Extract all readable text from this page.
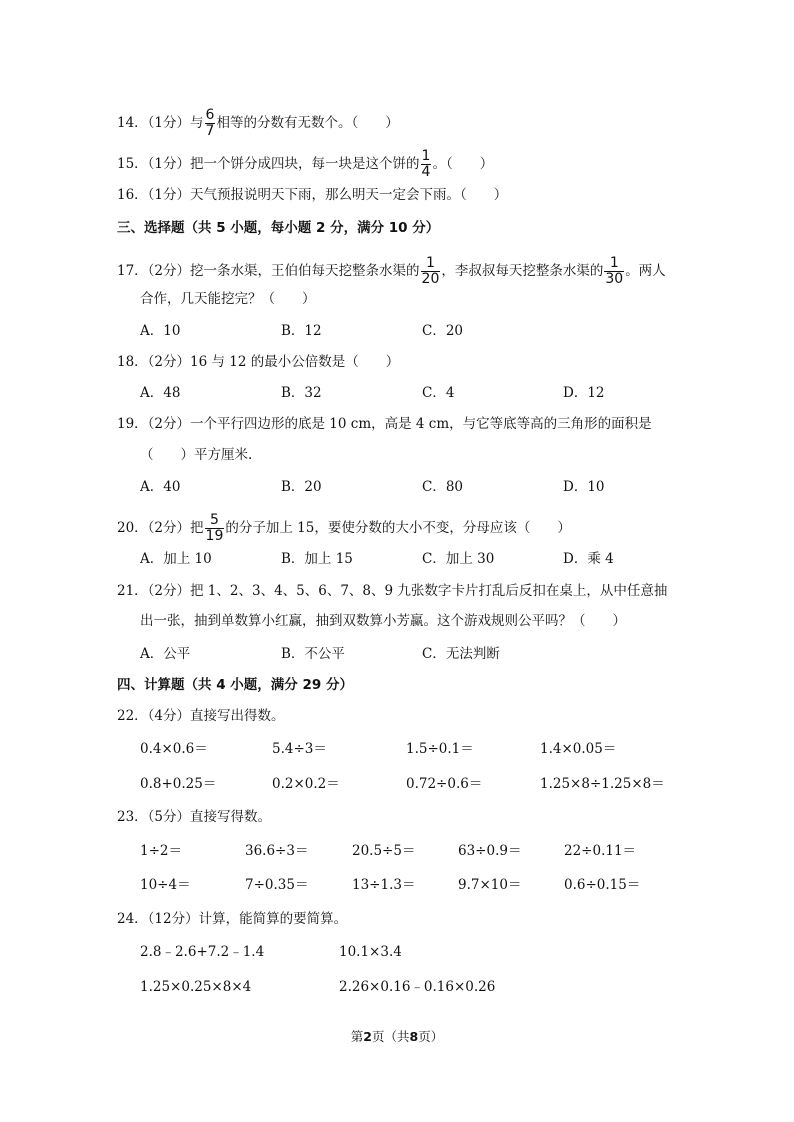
14．（1分）与 $\frac{6}{7}$ 相等的分数有无数个。（　　）
15．（1分）把一个饼分成四块，每一块是这个饼的 $\frac{1}{4}$ 。（　　）
16．（1分）天气预报说明天下雨，那么明天一定会下雨。（　　）
三、选择题（共 5 小题，每小题 2 分，满分 10 分）
17．（2分）挖一条水渠，王伯伯每天挖整条水渠的 $\frac{1}{20}$ ，李叔叔每天挖整条水渠的 $\frac{1}{30}$ 。两人
合作，几天能挖完？（　　）
A．10	B．12	C．20
18．（2分）16 与 12 的最小公倍数是（　　）
A．48	B．32	C．4	D．12
19．（2分）一个平行四边形的底是 10 cm，高是 4 cm，与它等底等高的三角形的面积是
（　　）平方厘米.
A．40	B．20	C．80	D．10
20．（2分）把 $\frac{5}{19}$ 的分子加上 15，要使分数的大小不变，分母应该（　　）
A．加上 10	B．加上 15	C．加上 30	D．乘 4
21．（2分）把 1、2、3、4、5、6、7、8、9 九张数字卡片打乱后反扣在桌上，从中任意抽
出一张，抽到单数算小红赢，抽到双数算小芳赢。这个游戏规则公平吗？（　　）
A．公平	B．不公平	C．无法判断
四、计算题（共 4 小题，满分 29 分）
22．（4分）直接写出得数。
0.4×0.6＝	5.4÷3＝	1.5÷0.1＝	1.4×0.05＝
0.8+0.25＝	0.2×0.2＝	0.72÷0.6＝	1.25×8÷1.25×8＝
23．（5分）直接写得数。
1÷2＝	36.6÷3＝	20.5÷5＝	63÷0.9＝	22÷0.11＝
10÷4＝	7÷0.35＝	13÷1.3＝	9.7×10＝	0.6÷0.15＝
24．（12分）计算，能简算的要简算。
2.8﹣2.6+7.2﹣1.4	10.1×3.4
1.25×0.25×8×4	2.26×0.16﹣0.16×0.26
第2页（共8页）
